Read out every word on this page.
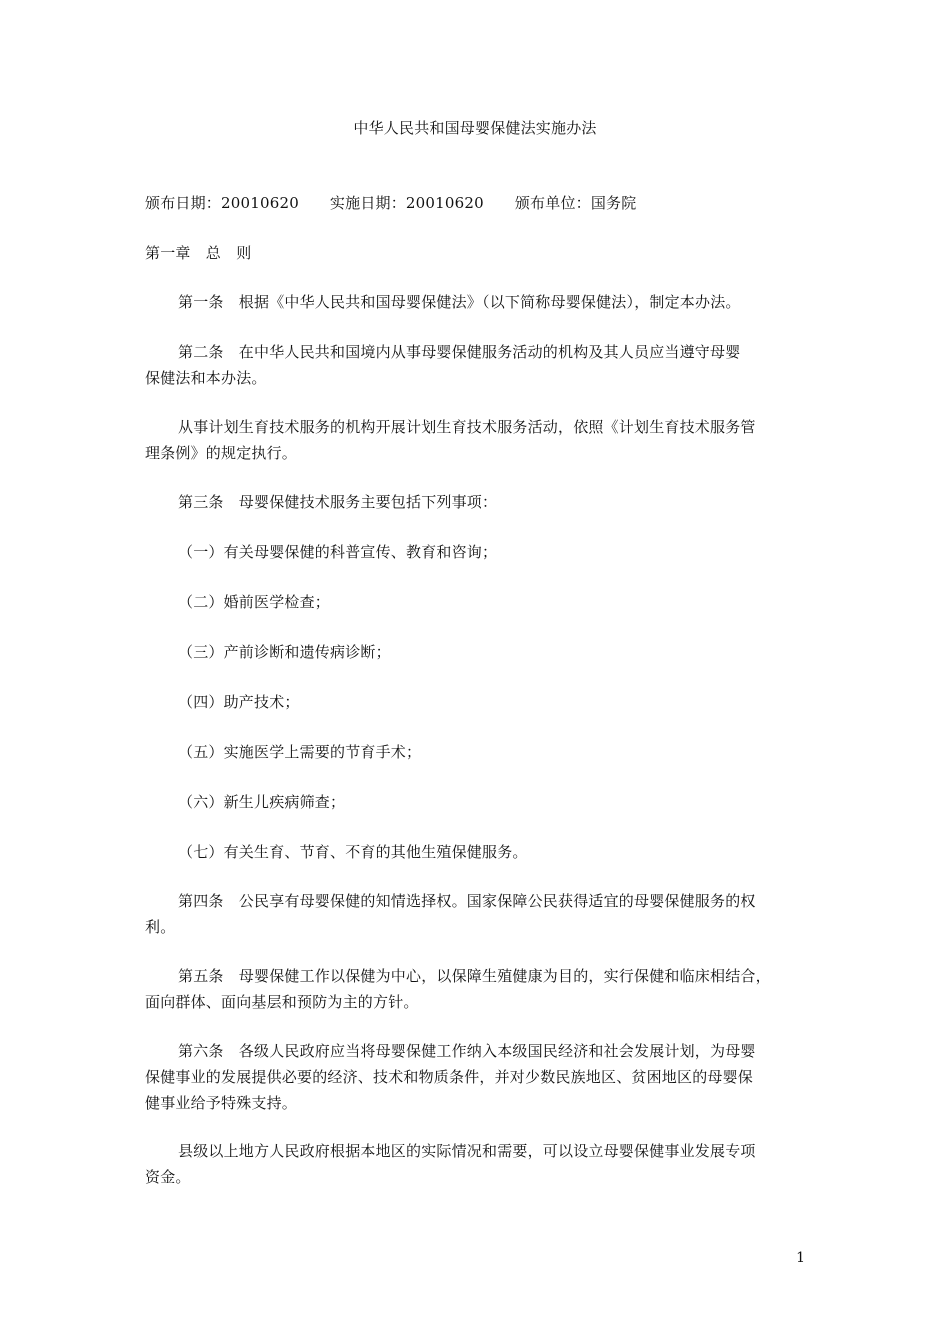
中华人民共和国母婴保健法实施办法
颁布日期：20010620 实施日期：20010620 颁布单位：国务院
第一章　总　则
第一条　根据《中华人民共和国母婴保健法》（以下简称母婴保健法），制定本办法。
第二条　在中华人民共和国境内从事母婴保健服务活动的机构及其人员应当遵守母婴
保健法和本办法。
从事计划生育技术服务的机构开展计划生育技术服务活动，依照《计划生育技术服务管
理条例》的规定执行。
第三条　母婴保健技术服务主要包括下列事项：
（一）有关母婴保健的科普宣传、教育和咨询；
（二）婚前医学检查；
（三）产前诊断和遗传病诊断；
（四）助产技术；
（五）实施医学上需要的节育手术；
（六）新生儿疾病筛查；
（七）有关生育、节育、不育的其他生殖保健服务。
第四条　公民享有母婴保健的知情选择权。国家保障公民获得适宜的母婴保健服务的权
利。
第五条　母婴保健工作以保健为中心，以保障生殖健康为目的，实行保健和临床相结合，
面向群体、面向基层和预防为主的方针。
第六条　各级人民政府应当将母婴保健工作纳入本级国民经济和社会发展计划，为母婴
保健事业的发展提供必要的经济、技术和物质条件，并对少数民族地区、贫困地区的母婴保
健事业给予特殊支持。
县级以上地方人民政府根据本地区的实际情况和需要，可以设立母婴保健事业发展专项
资金。
1
